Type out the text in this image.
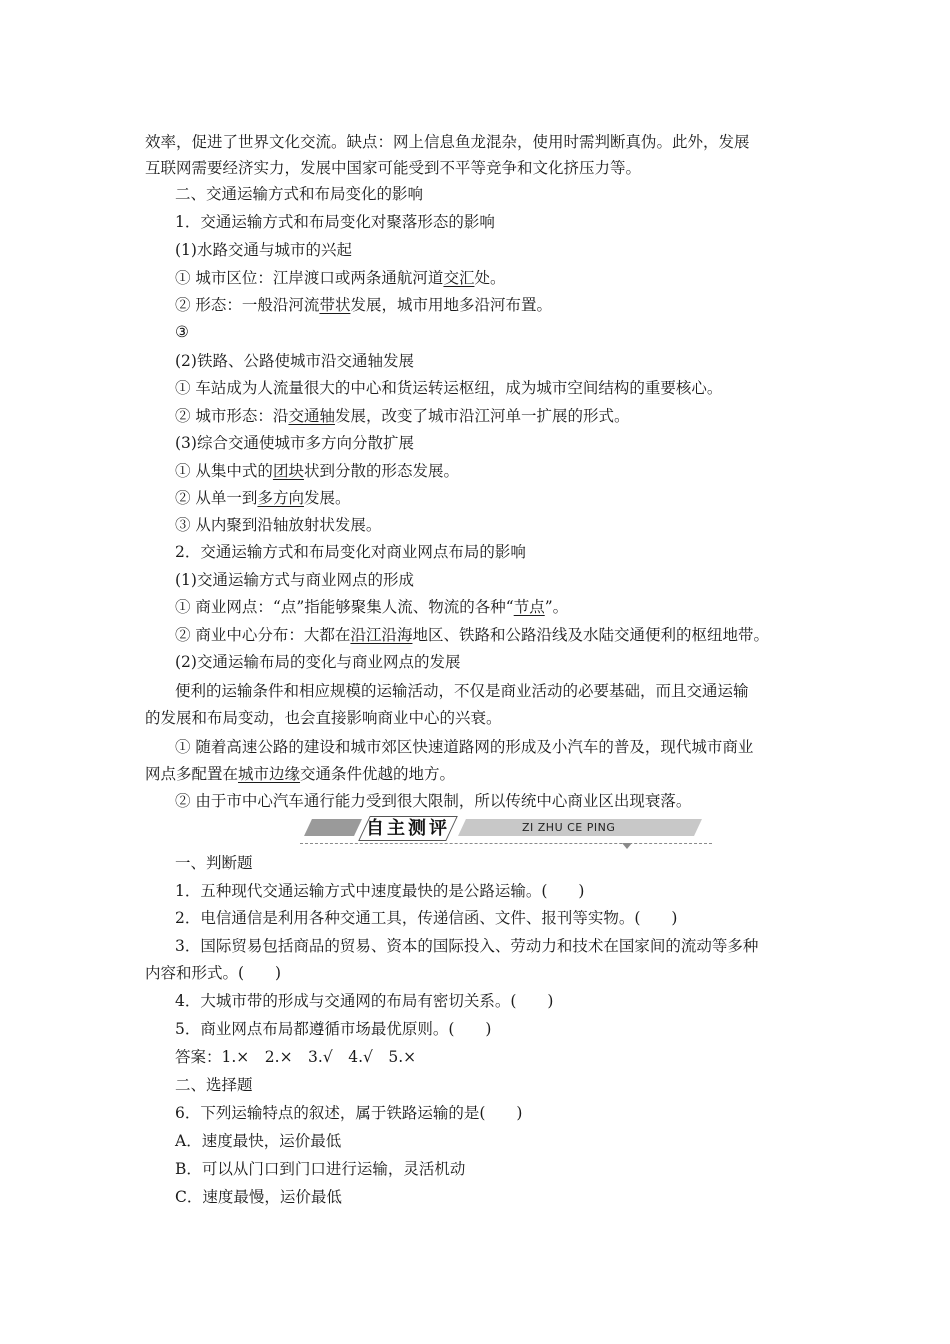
效率，促进了世界文化交流。缺点：网上信息鱼龙混杂，使用时需判断真伪。此外，发展
互联网需要经济实力，发展中国家可能受到不平等竞争和文化挤压力等。
二、交通运输方式和布局变化的影响
1．交通运输方式和布局变化对聚落形态的影响
(1)水路交通与城市的兴起
① 城市区位：江岸渡口或两条通航河道交汇处。
② 形态：一般沿河流带状发展，城市用地多沿河布置。
③
(2)铁路、公路使城市沿交通轴发展
① 车站成为人流量很大的中心和货运转运枢纽，成为城市空间结构的重要核心。
② 城市形态：沿交通轴发展，改变了城市沿江河单一扩展的形式。
(3)综合交通使城市多方向分散扩展
① 从集中式的团块状到分散的形态发展。
② 从单一到多方向发展。
③ 从内聚到沿轴放射状发展。
2．交通运输方式和布局变化对商业网点布局的影响
(1)交通运输方式与商业网点的形成
① 商业网点：“点”指能够聚集人流、物流的各种“节点”。
② 商业中心分布：大都在沿江沿海地区、铁路和公路沿线及水陆交通便利的枢纽地带。
(2)交通运输布局的变化与商业网点的发展
便利的运输条件和相应规模的运输活动，不仅是商业活动的必要基础，而且交通运输
的发展和布局变动，也会直接影响商业中心的兴衰。
① 随着高速公路的建设和城市郊区快速道路网的形成及小汽车的普及，现代城市商业
网点多配置在城市边缘交通条件优越的地方。
② 由于市中心汽车通行能力受到很大限制，所以传统中心商业区出现衰落。
自主测评	ZI ZHU CE PING
一、判断题
1．五种现代交通运输方式中速度最快的是公路运输。(　　)
2．电信通信是利用各种交通工具，传递信函、文件、报刊等实物。(　　)
3．国际贸易包括商品的贸易、资本的国际投入、劳动力和技术在国家间的流动等多种
内容和形式。(　　)
4．大城市带的形成与交通网的布局有密切关系。(　　)
5．商业网点布局都遵循市场最优原则。(　　)
答案：1.×　2.×　3.√　4.√　5.×
二、选择题
6．下列运输特点的叙述，属于铁路运输的是(　　)
A．速度最快，运价最低
B．可以从门口到门口进行运输，灵活机动
C．速度最慢，运价最低
